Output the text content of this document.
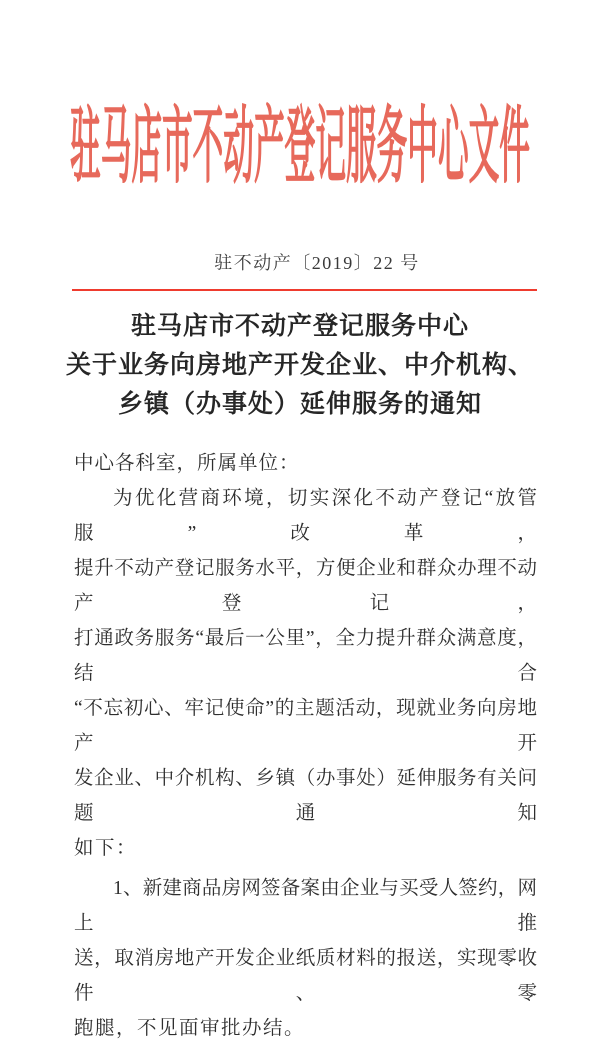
驻马店市不动产登记服务中心文件
驻不动产〔2019〕22 号
驻马店市不动产登记服务中心
关于业务向房地产开发企业、中介机构、
乡镇（办事处）延伸服务的通知
中心各科室，所属单位：
为优化营商环境，切实深化不动产登记“放管服”改革，
提升不动产登记服务水平，方便企业和群众办理不动产登记，
打通政务服务“最后一公里”，全力提升群众满意度，结合
“不忘初心、牢记使命”的主题活动，现就业务向房地产开
发企业、中介机构、乡镇（办事处）延伸服务有关问题通知
如下：
1、新建商品房网签备案由企业与买受人签约，网上推
送，取消房地产开发企业纸质材料的报送，实现零收件、零
跑腿，不见面审批办结。
